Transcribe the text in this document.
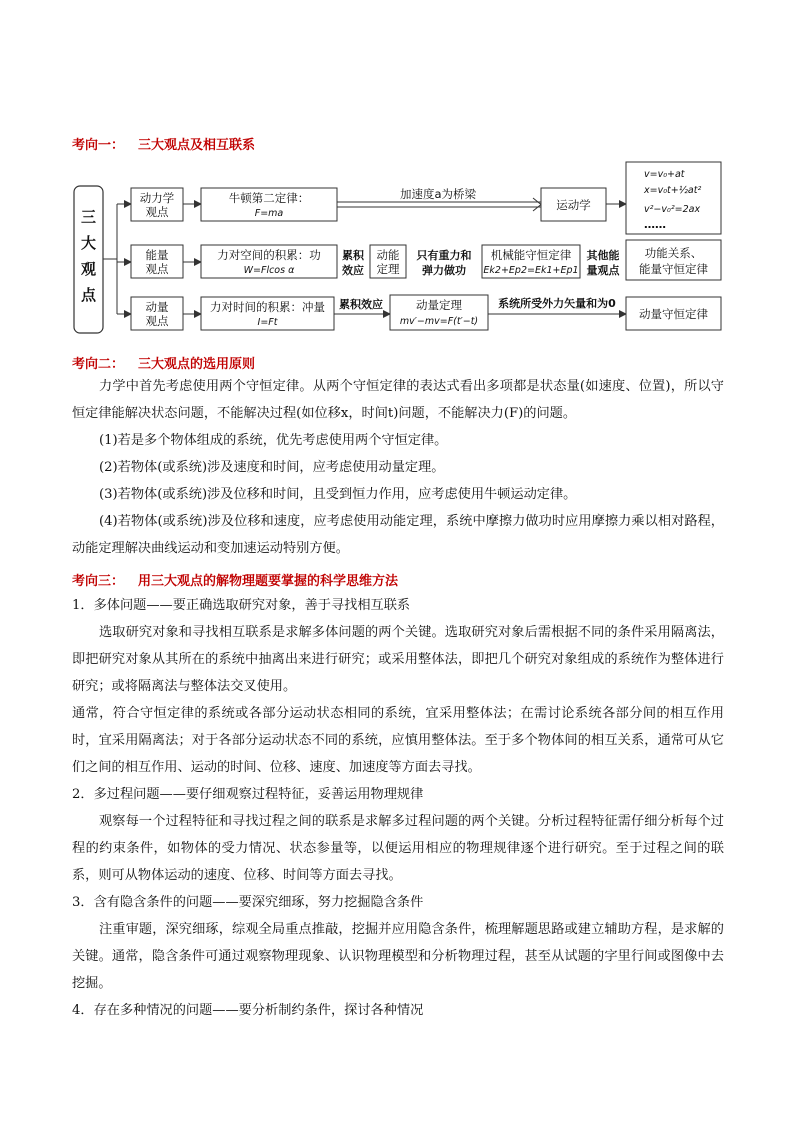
考向一： 三大观点及相互联系
三
大
观
点
动力学
观点
牛顿第二定律：
F=ma
加速度a为桥梁
运动学
v=v₀+at
x=v₀t+½at²
v²−v₀²=2ax
……
能量
观点
力对空间的积累：功
W=Flcos α
累积
效应
动能
定理
只有重力和
弹力做功
机械能守恒定律
Ek2+Ep2=Ek1+Ep1
其他能
量观点
功能关系、
能量守恒定律
动量
观点
力对时间的积累：冲量
I=Ft
累积效应	动量定理
mv′−mv=F(t′−t)
系统所受外力矢量和为0
动量守恒定律
考向二： 三大观点的选用原则

力学中首先考虑使用两个守恒定律。从两个守恒定律的表达式看出多项都是状态量(如速度、位置)，所以守恒定律能解决状态问题，不能解决过程(如位移x，时间t)问题，不能解决力(F)的问题。

(1)若是多个物体组成的系统，优先考虑使用两个守恒定律。

(2)若物体(或系统)涉及速度和时间，应考虑使用动量定理。

(3)若物体(或系统)涉及位移和时间，且受到恒力作用，应考虑使用牛顿运动定律。

(4)若物体(或系统)涉及位移和速度，应考虑使用动能定理，系统中摩擦力做功时应用摩擦力乘以相对路程，动能定理解决曲线运动和变加速运动特别方便。

考向三： 用三大观点的解物理题要掌握的科学思维方法

1．多体问题——要正确选取研究对象，善于寻找相互联系

选取研究对象和寻找相互联系是求解多体问题的两个关键。选取研究对象后需根据不同的条件采用隔离法，即把研究对象从其所在的系统中抽离出来进行研究；或采用整体法，即把几个研究对象组成的系统作为整体进行研究；或将隔离法与整体法交叉使用。

通常，符合守恒定律的系统或各部分运动状态相同的系统，宜采用整体法；在需讨论系统各部分间的相互作用时，宜采用隔离法；对于各部分运动状态不同的系统，应慎用整体法。至于多个物体间的相互关系，通常可从它们之间的相互作用、运动的时间、位移、速度、加速度等方面去寻找。

2．多过程问题——要仔细观察过程特征，妥善运用物理规律

观察每一个过程特征和寻找过程之间的联系是求解多过程问题的两个关键。分析过程特征需仔细分析每个过程的约束条件，如物体的受力情况、状态参量等，以便运用相应的物理规律逐个进行研究。至于过程之间的联系，则可从物体运动的速度、位移、时间等方面去寻找。

3．含有隐含条件的问题——要深究细琢，努力挖掘隐含条件

注重审题，深究细琢，综观全局重点推敲，挖掘并应用隐含条件，梳理解题思路或建立辅助方程，是求解的关键。通常，隐含条件可通过观察物理现象、认识物理模型和分析物理过程，甚至从试题的字里行间或图像中去挖掘。

4．存在多种情况的问题——要分析制约条件，探讨各种情况
